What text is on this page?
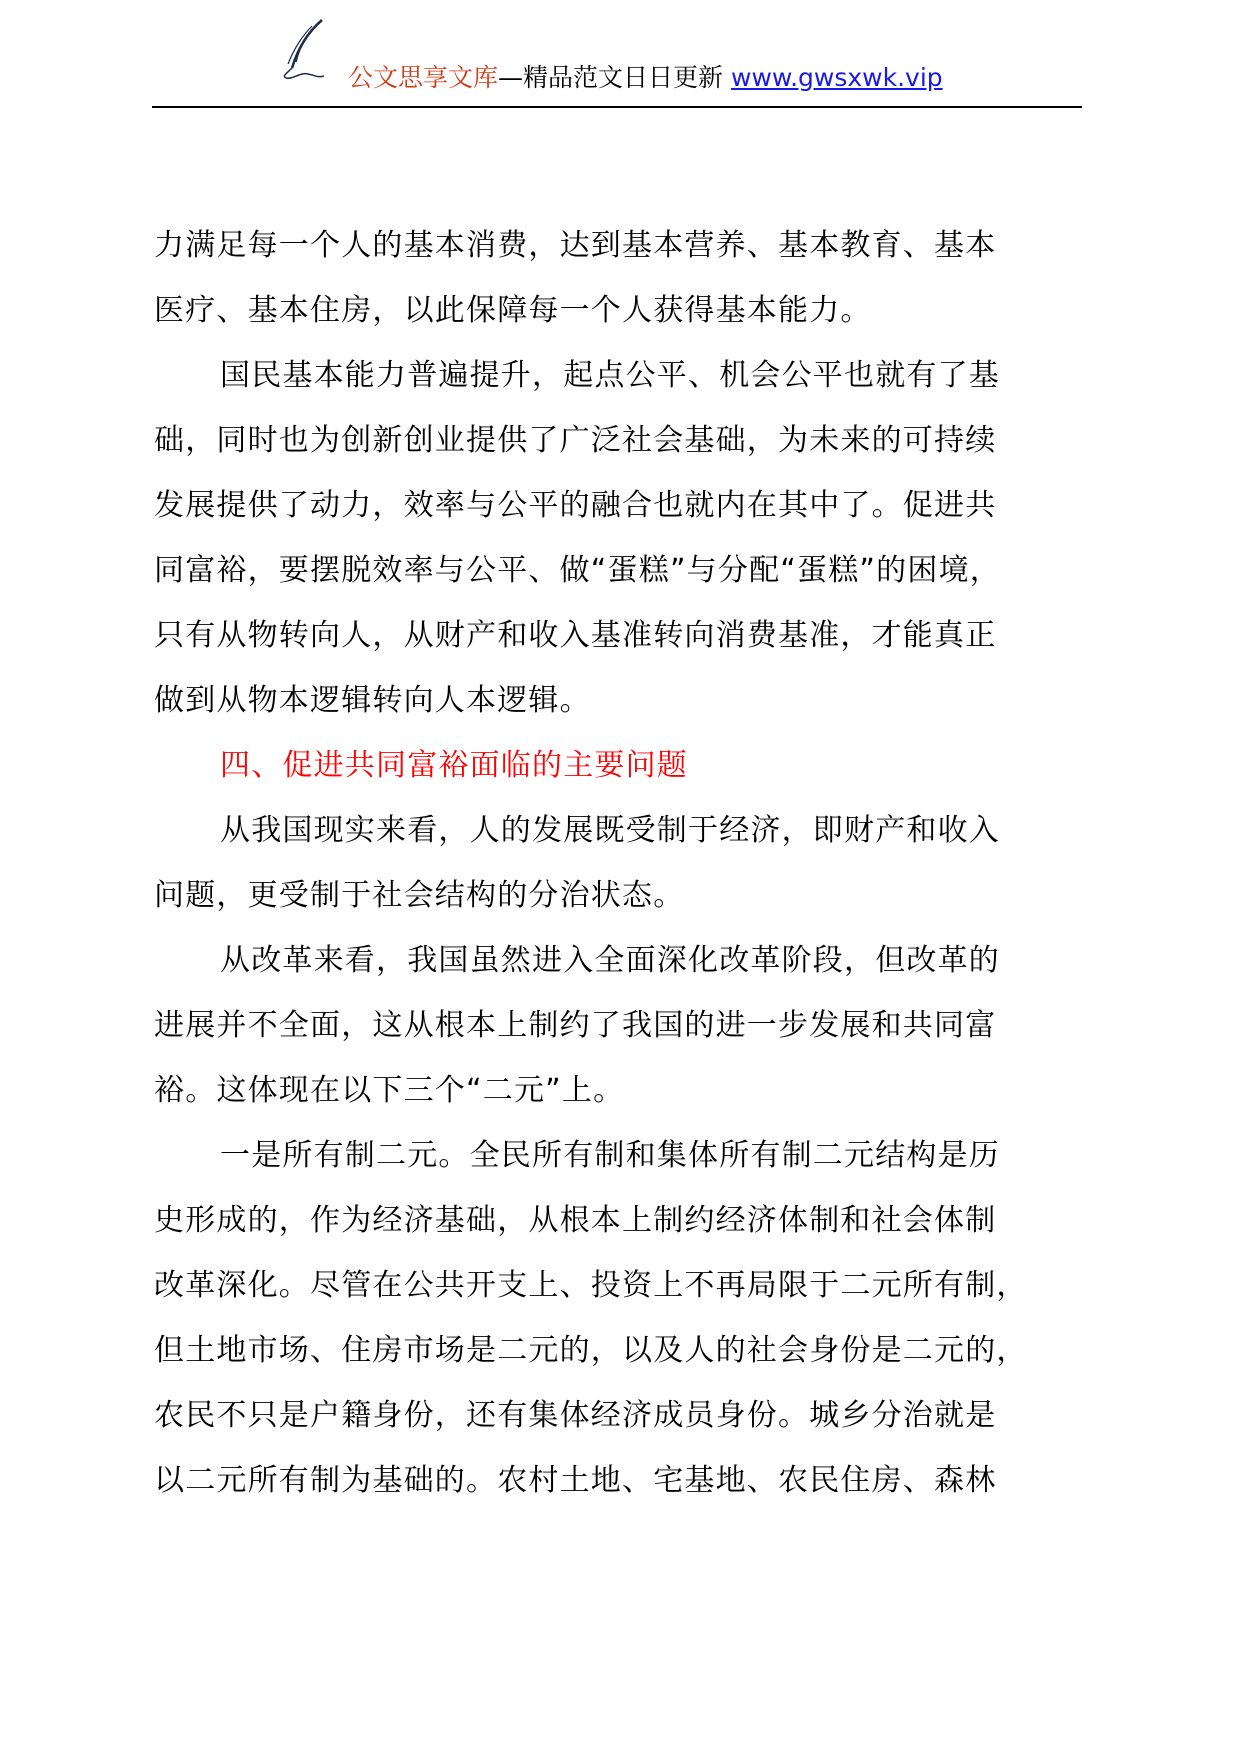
公文思享文库—精品范文日日更新 www.gwsxwk.vip
力满足每一个人的基本消费，达到基本营养、基本教育、基本
医疗、基本住房，以此保障每一个人获得基本能力。
国民基本能力普遍提升，起点公平、机会公平也就有了基
础，同时也为创新创业提供了广泛社会基础，为未来的可持续
发展提供了动力，效率与公平的融合也就内在其中了。促进共
同富裕，要摆脱效率与公平、做“蛋糕”与分配“蛋糕”的困境，
只有从物转向人，从财产和收入基准转向消费基准，才能真正
做到从物本逻辑转向人本逻辑。
四、促进共同富裕面临的主要问题
从我国现实来看，人的发展既受制于经济，即财产和收入
问题，更受制于社会结构的分治状态。
从改革来看，我国虽然进入全面深化改革阶段，但改革的
进展并不全面，这从根本上制约了我国的进一步发展和共同富
裕。这体现在以下三个“二元”上。
一是所有制二元。全民所有制和集体所有制二元结构是历
史形成的，作为经济基础，从根本上制约经济体制和社会体制
改革深化。尽管在公共开支上、投资上不再局限于二元所有制，
但土地市场、住房市场是二元的，以及人的社会身份是二元的，
农民不只是户籍身份，还有集体经济成员身份。城乡分治就是
以二元所有制为基础的。农村土地、宅基地、农民住房、森林
